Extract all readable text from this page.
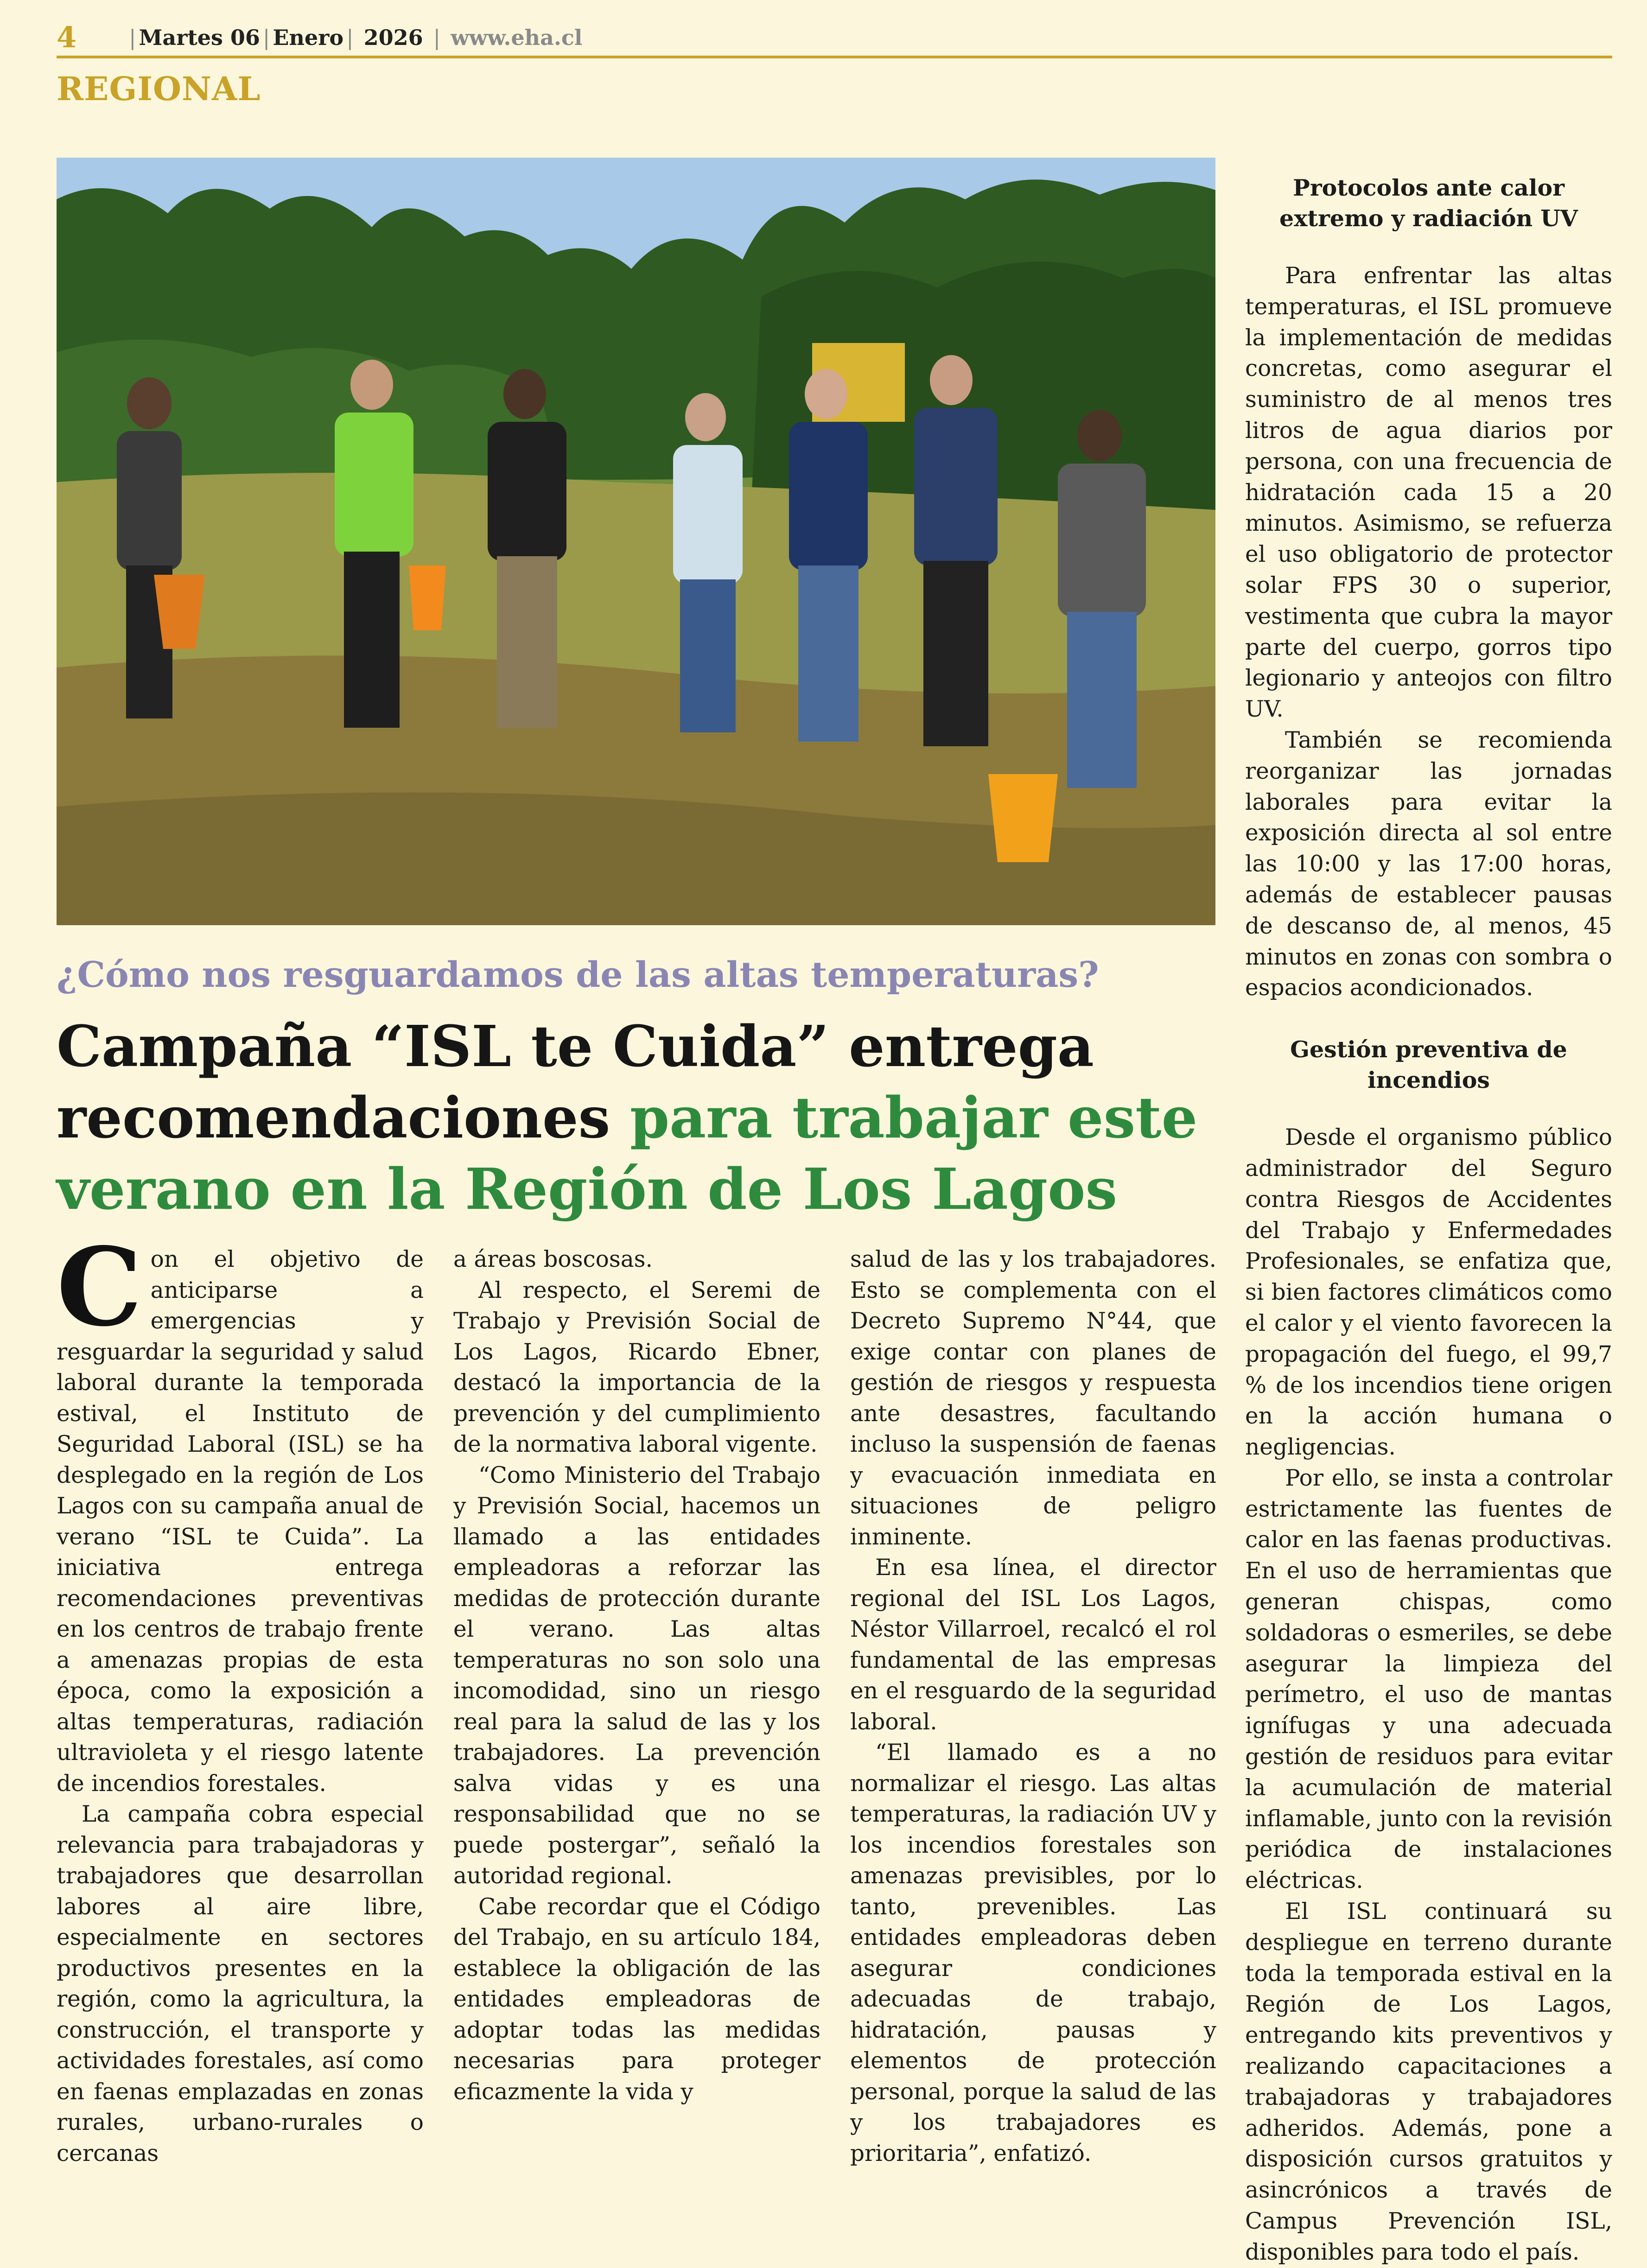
4 | Martes 06 | Enero | 2026 | www.eha.cl
REGIONAL
¿Cómo nos resguardamos de las altas temperaturas?
Campaña “ISL te Cuida” entrega recomendaciones para trabajar este verano en la Región de Los Lagos

Con el objetivo de anticiparse a emergencias y resguardar la seguridad y salud laboral durante la temporada estival, el Instituto de Seguridad Laboral (ISL) se ha desplegado en la región de Los Lagos con su campaña anual de verano “ISL te Cuida”. La iniciativa entrega recomendaciones preventivas en los centros de trabajo frente a amenazas propias de esta época, como la exposición a altas temperaturas, radiación ultravioleta y el riesgo latente de incendios forestales.

La campaña cobra especial relevancia para trabajadoras y trabajadores que desarrollan labores al aire libre, especialmente en sectores productivos presentes en la región, como la agricultura, la construcción, el transporte y actividades forestales, así como en faenas emplazadas en zonas rurales, urbano-rurales o cercanas

a áreas boscosas.

Al respecto, el Seremi de Trabajo y Previsión Social de Los Lagos, Ricardo Ebner, destacó la importancia de la prevención y del cumplimiento de la normativa laboral vigente.

“Como Ministerio del Trabajo y Previsión Social, hacemos un llamado a las entidades empleadoras a reforzar las medidas de protección durante el verano. Las altas temperaturas no son solo una incomodidad, sino un riesgo real para la salud de las y los trabajadores. La prevención salva vidas y es una responsabilidad que no se puede postergar”, señaló la autoridad regional.

Cabe recordar que el Código del Trabajo, en su artículo 184, establece la obligación de las entidades empleadoras de adoptar todas las medidas necesarias para proteger eficazmente la vida y

salud de las y los trabajadores. Esto se complementa con el Decreto Supremo N°44, que exige contar con planes de gestión de riesgos y respuesta ante desastres, facultando incluso la suspensión de faenas y evacuación inmediata en situaciones de peligro inminente.

En esa línea, el director regional del ISL Los Lagos, Néstor Villarroel, recalcó el rol fundamental de las empresas en el resguardo de la seguridad laboral.

“El llamado es a no normalizar el riesgo. Las altas temperaturas, la radiación UV y los incendios forestales son amenazas previsibles, por lo tanto, prevenibles. Las entidades empleadoras deben asegurar condiciones adecuadas de trabajo, hidratación, pausas y elementos de protección personal, porque la salud de las y los trabajadores es prioritaria”, enfatizó.

Protocolos ante calor extremo y radiación UV

Para enfrentar las altas temperaturas, el ISL promueve la implementación de medidas concretas, como asegurar el suministro de al menos tres litros de agua diarios por persona, con una frecuencia de hidratación cada 15 a 20 minutos. Asimismo, se refuerza el uso obligatorio de protector solar FPS 30 o superior, vestimenta que cubra la mayor parte del cuerpo, gorros tipo legionario y anteojos con filtro UV.

También se recomienda reorganizar las jornadas laborales para evitar la exposición directa al sol entre las 10:00 y las 17:00 horas, además de establecer pausas de descanso de, al menos, 45 minutos en zonas con sombra o espacios acondicionados.

Gestión preventiva de incendios

Desde el organismo público administrador del Seguro contra Riesgos de Accidentes del Trabajo y Enfermedades Profesionales, se enfatiza que, si bien factores climáticos como el calor y el viento favorecen la propagación del fuego, el 99,7 % de los incendios tiene origen en la acción humana o negligencias.

Por ello, se insta a controlar estrictamente las fuentes de calor en las faenas productivas. En el uso de herramientas que generan chispas, como soldadoras o esmeriles, se debe asegurar la limpieza del perímetro, el uso de mantas ignífugas y una adecuada gestión de residuos para evitar la acumulación de material inflamable, junto con la revisión periódica de instalaciones eléctricas.

El ISL continuará su despliegue en terreno durante toda la temporada estival en la Región de Los Lagos, entregando kits preventivos y realizando capacitaciones a trabajadoras y trabajadores adheridos. Además, pone a disposición cursos gratuitos y asincrónicos a través de Campus Prevención ISL, disponibles para todo el país.
